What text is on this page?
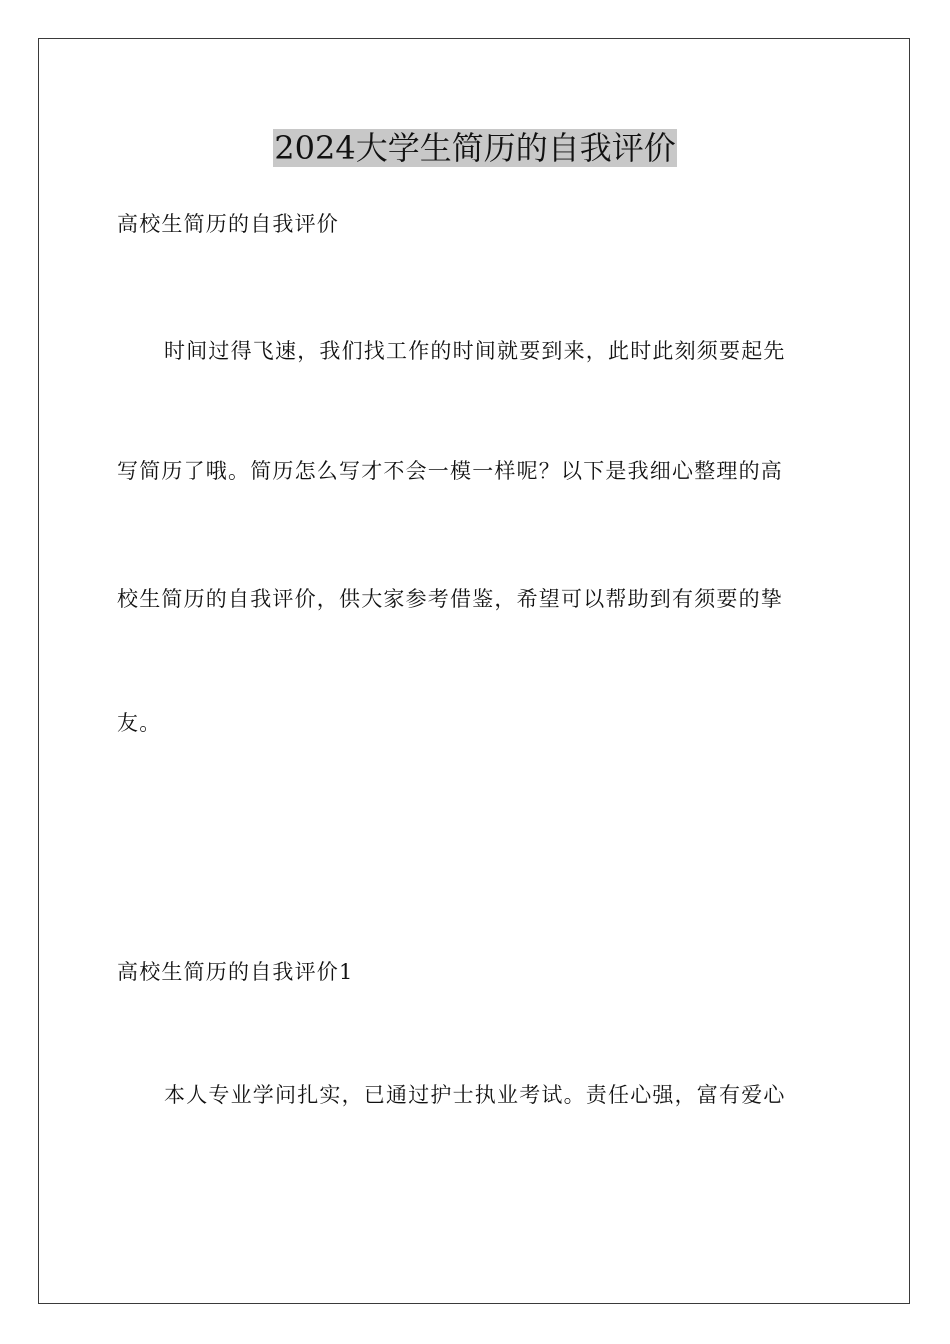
2024大学生简历的自我评价
高校生简历的自我评价
时间过得飞速，我们找工作的时间就要到来，此时此刻须要起先
写简历了哦。简历怎么写才不会一模一样呢？以下是我细心整理的高
校生简历的自我评价，供大家参考借鉴，希望可以帮助到有须要的挚
友。
高校生简历的自我评价1
本人专业学问扎实，已通过护士执业考试。责任心强，富有爱心
